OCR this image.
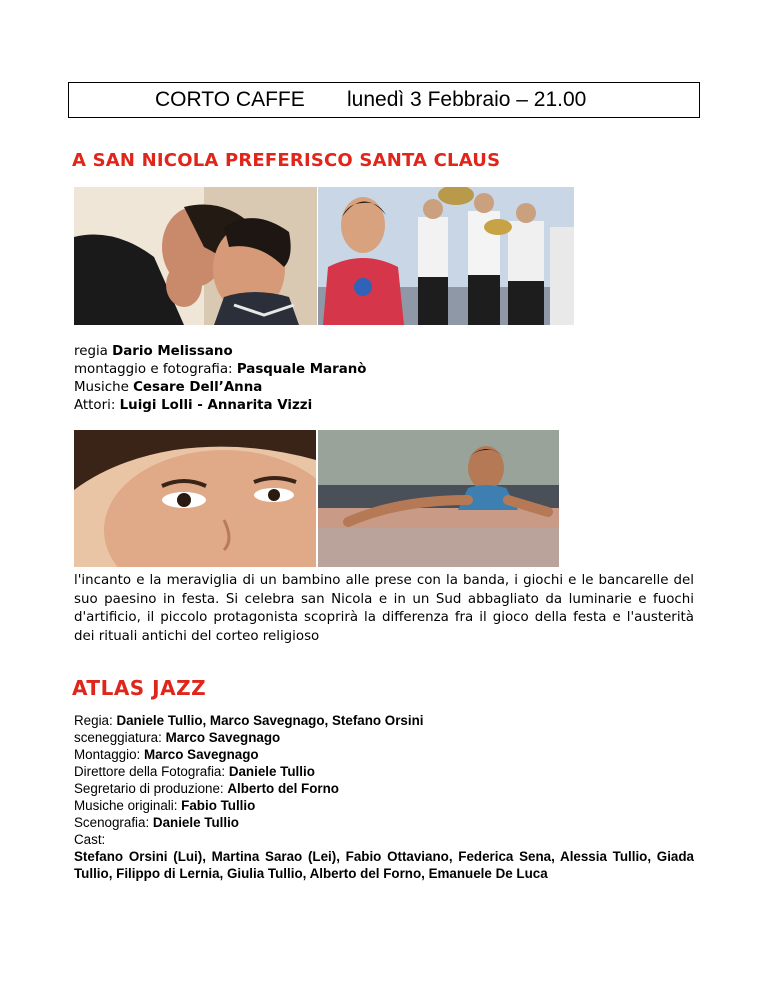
CORTO CAFFE lunedì 3 Febbraio – 21.00
A SAN NICOLA PREFERISCO SANTA CLAUS
regia Dario Melissano
montaggio e fotografia: Pasquale Maranò
Musiche Cesare Dell’Anna
Attori: Luigi Lolli - Annarita Vizzi

l'incanto e la meraviglia di un bambino alle prese con la banda, i giochi e le bancarelle del suo paesino in festa. Si celebra san Nicola e in un Sud abbagliato da luminarie e fuochi d'artificio, il piccolo protagonista scoprirà la differenza fra il gioco della festa e l'austerità dei rituali antichi del corteo religioso

ATLAS JAZZ
Regia: Daniele Tullio, Marco Savegnago, Stefano Orsini
sceneggiatura: Marco Savegnago
Montaggio: Marco Savegnago
Direttore della Fotografia: Daniele Tullio
Segretario di produzione: Alberto del Forno
Musiche originali: Fabio Tullio
Scenografia: Daniele Tullio
Cast:
Stefano Orsini (Lui), Martina Sarao (Lei), Fabio Ottaviano, Federica Sena, Alessia Tullio, Giada Tullio, Filippo di Lernia, Giulia Tullio, Alberto del Forno, Emanuele De Luca
